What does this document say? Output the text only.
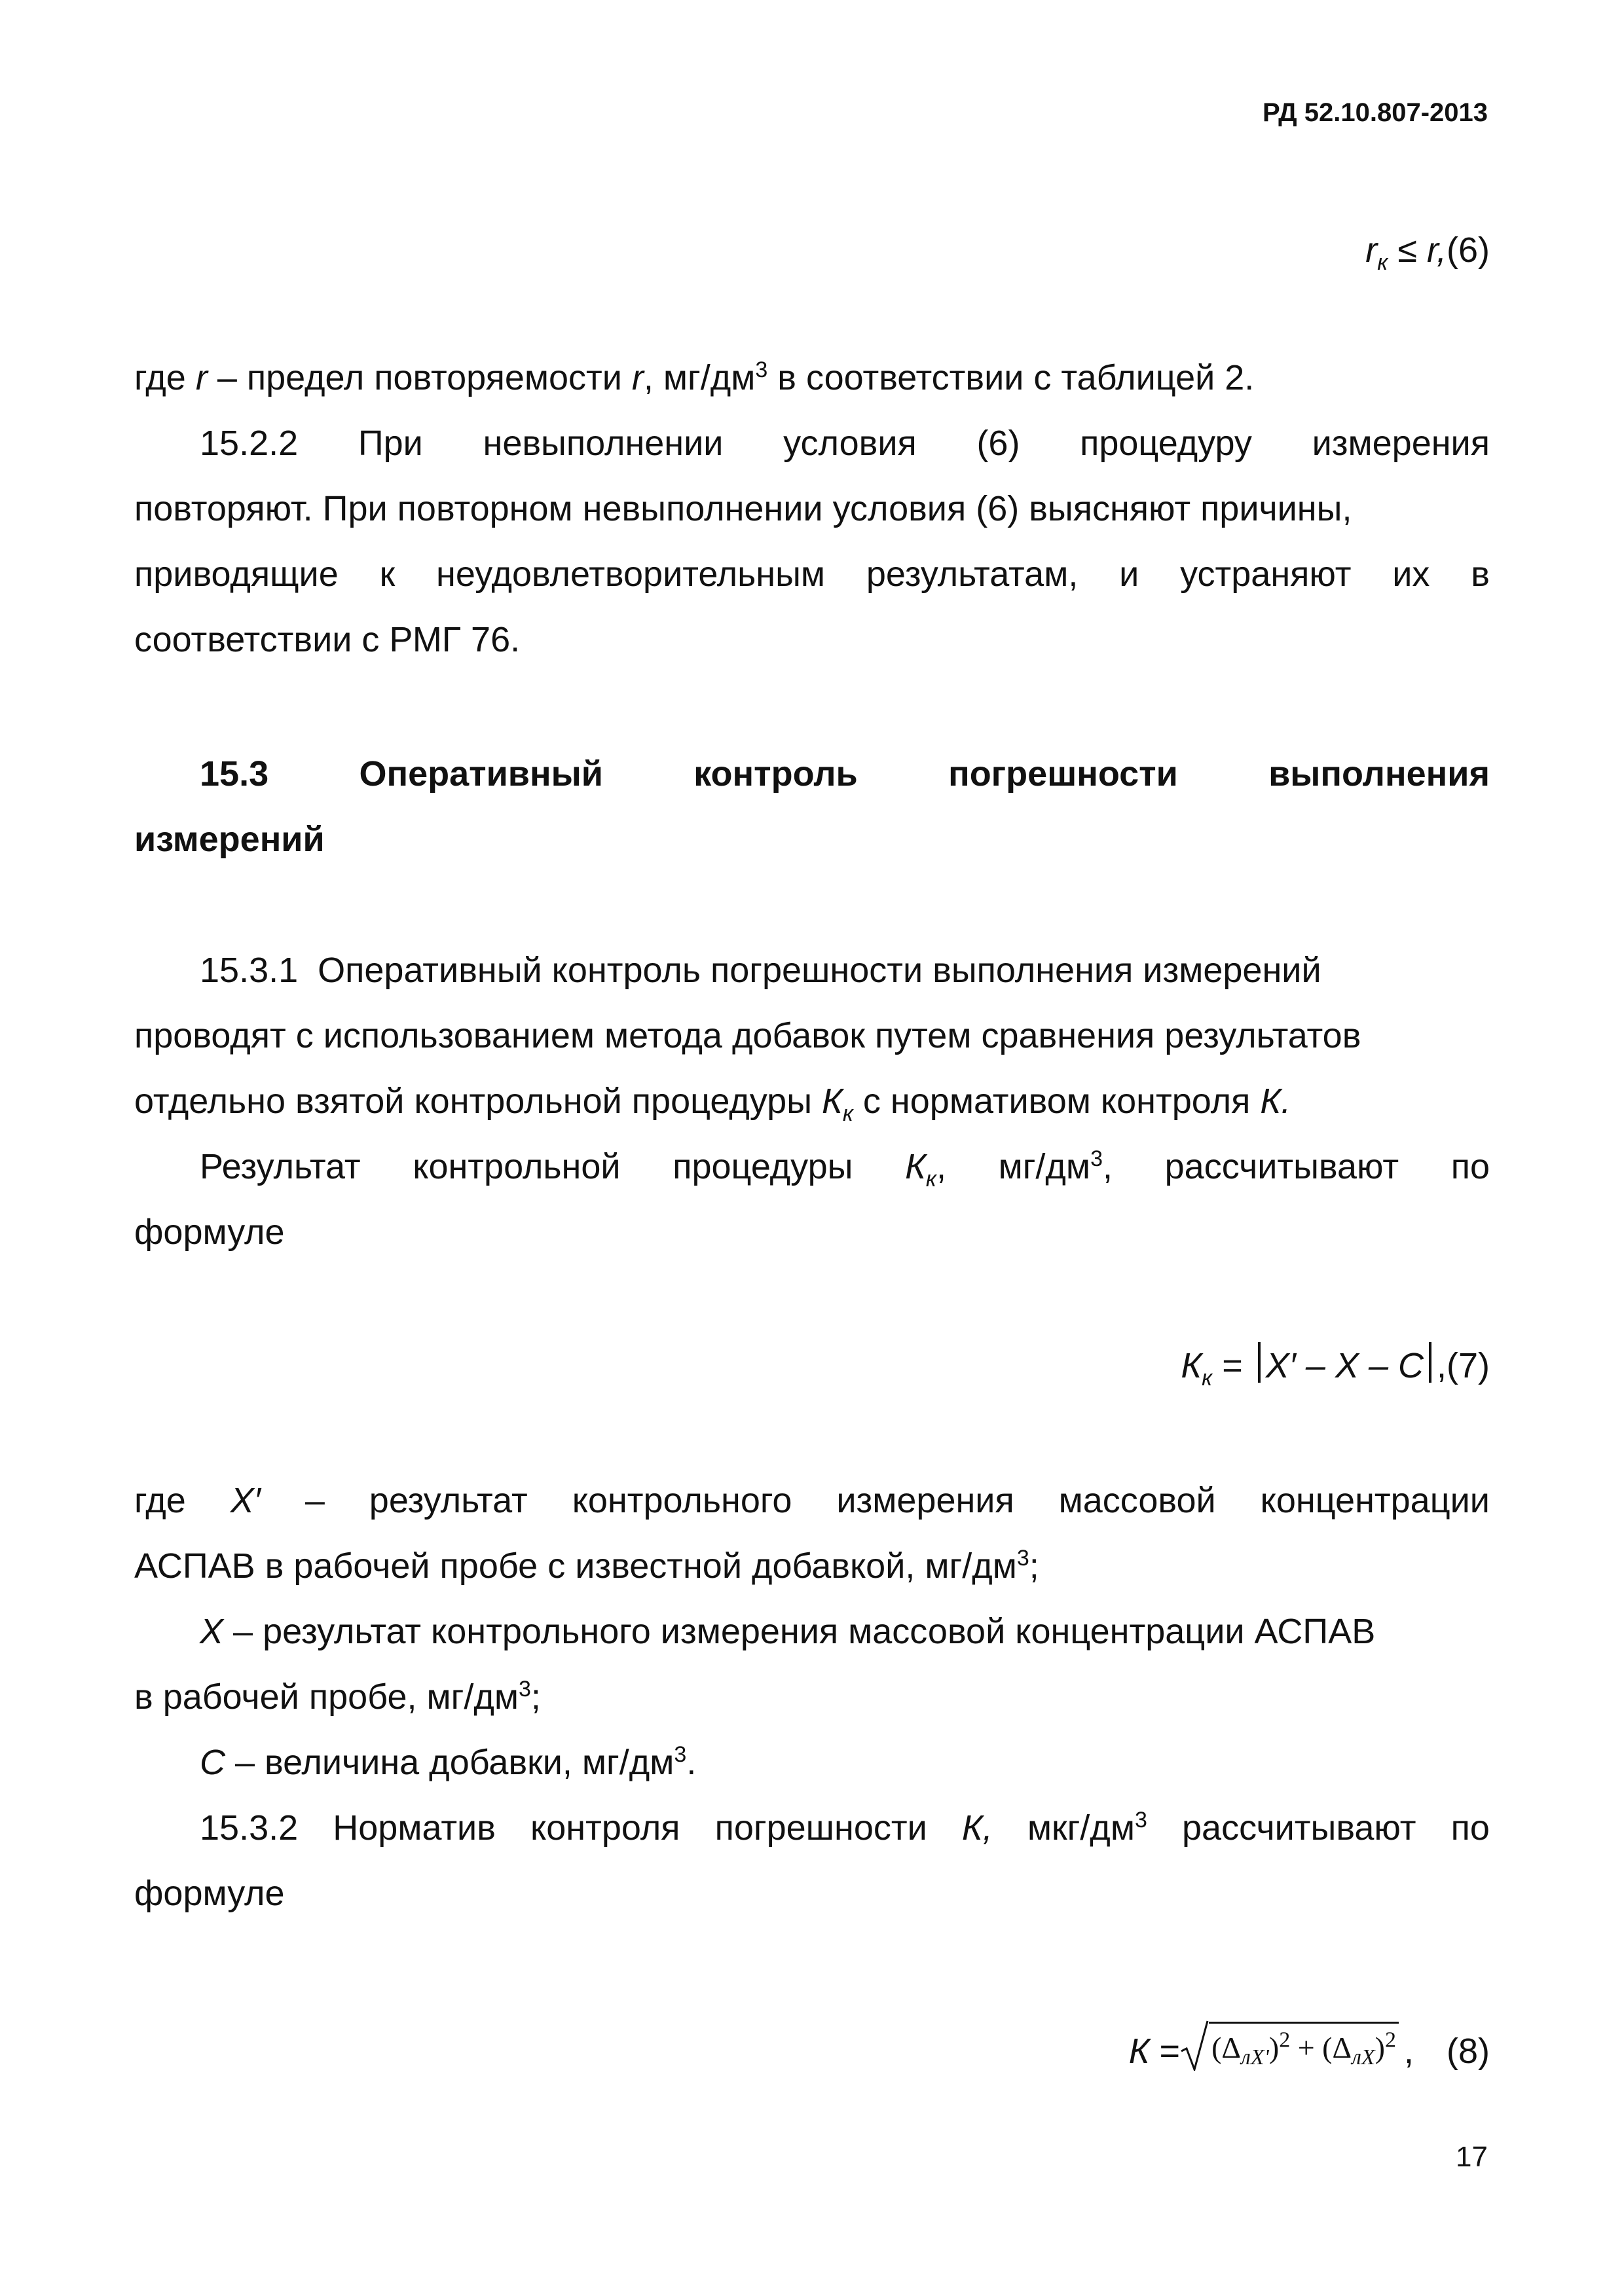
РД 52.10.807-2013
$r_к \le r,(6)$
где r – предел повторяемости r, $мг/дм^3$ в соответствии с таблицей 2.
15.2.2 При невыполнении условия (6) процедуру измерения
повторяют. При повторном невыполнении условия (6) выясняют причины,
приводящие к неудовлетворительным результатам, и устраняют их в
соответствии с РМГ 76.
15.3	Оперативный	контроль	погрешности	выполнения
измерений
15.3.1  Оперативный контроль погрешности выполнения измерений
проводят с использованием метода добавок путем сравнения результатов
отдельно взятой контрольной процедуры $К_к$ с нормативом контроля К.
Результат контрольной процедуры $К_к$, $мг/дм^3$, рассчитывают по
формуле
$К_к = X' - X - C$ ,(7)
где X′ – результат контрольного измерения массовой концентрации
АСПАВ в рабочей пробе с известной добавкой, $мг/дм^3$;
X – результат контрольного измерения массовой концентрации АСПАВ
в рабочей пробе, $мг/дм^3$;
C – величина добавки, $мг/дм^3$.
15.3.2 Норматив контроля погрешности К, мкг/$дм^3$ рассчитывают по
формуле
$К = (\Delta_{лX'})^2 + (\Delta_{лX})^2$ , (8)
17
